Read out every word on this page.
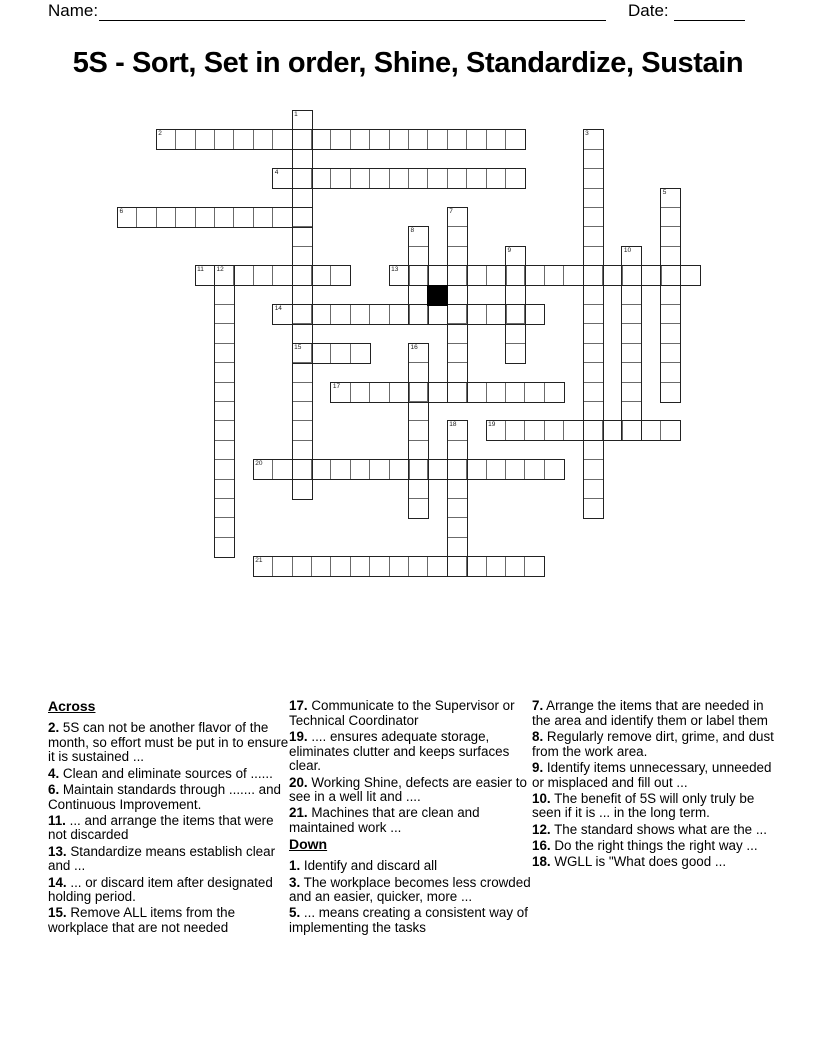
Name:	Date:
5S - Sort, Set in order, Shine, Standardize, Sustain
1
15
2	3
4
5
6	7
8
9	10
11 12	13
14
16
17
18	19
20
21
Across

2. 5S can not be another flavor of the month, so effort must be put in to ensure it is sustained ...

4. Clean and eliminate sources of ......

6. Maintain standards through ....... and Continuous Improvement.

11. ... and arrange the items that were not discarded

13. Standardize means establish clear and ...

14. ... or discard item after designated holding period.

15. Remove ALL items from the workplace that are not needed

17. Communicate to the Supervisor or Technical Coordinator

19. .... ensures adequate storage, eliminates clutter and keeps surfaces clear.

20. Working Shine, defects are easier to see in a well lit and ....

21. Machines that are clean and maintained work ...

Down

1. Identify and discard all

3. The workplace becomes less crowded and an easier, quicker, more ...

5. ... means creating a consistent way of implementing the tasks

7. Arrange the items that are needed in the area and identify them or label them

8. Regularly remove dirt, grime, and dust from the work area.

9. Identify items unnecessary, unneeded or misplaced and fill out ...

10. The benefit of 5S will only truly be seen if it is ... in the long term.

12. The standard shows what are the ...

16. Do the right things the right way ...

18. WGLL is "What does good ...
